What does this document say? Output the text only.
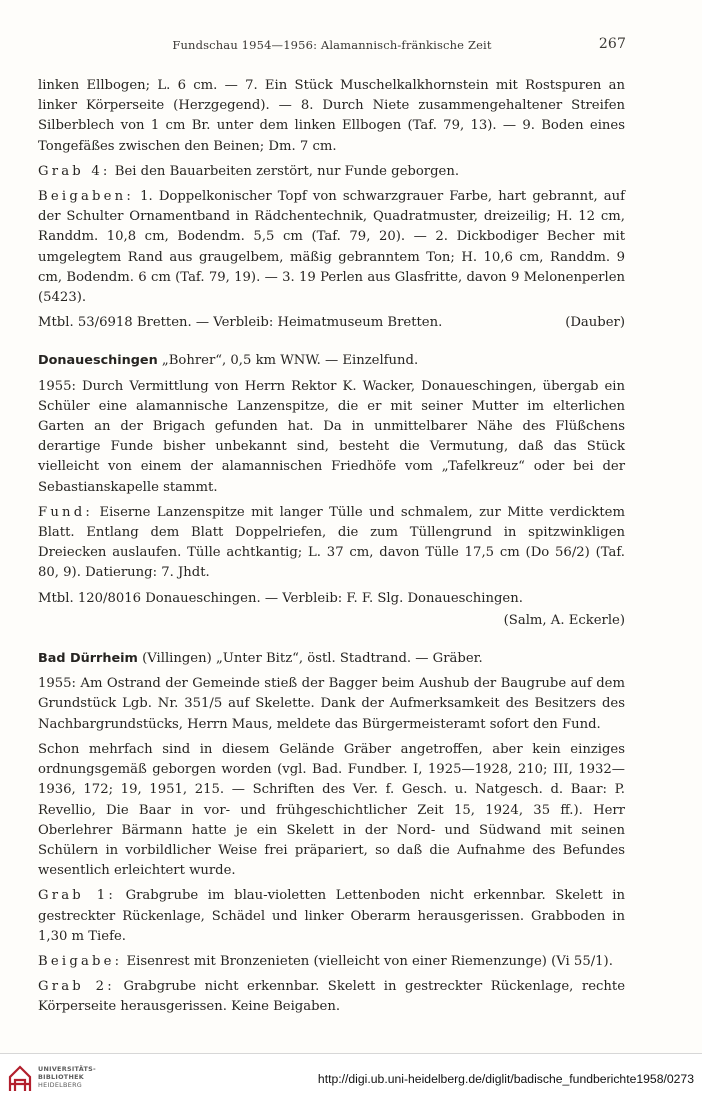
Fundschau 1954—1956: Alamannisch-fränkische Zeit	267

linken Ellbogen; L. 6 cm. — 7. Ein Stück Muschelkalkhornstein mit Rostspuren an linker Körperseite (Herzgegend). — 8. Durch Niete zusammengehaltener Streifen Silberblech von 1 cm Br. unter dem linken Ellbogen (Taf. 79, 13). — 9. Boden eines Tongefäßes zwischen den Beinen; Dm. 7 cm.

Grab 4: Bei den Bauarbeiten zerstört, nur Funde geborgen.

Beigaben: 1. Doppelkonischer Topf von schwarzgrauer Farbe, hart gebrannt, auf der Schulter Ornamentband in Rädchentechnik, Quadratmuster, dreizeilig; H. 12 cm, Randdm. 10,8 cm, Bodendm. 5,5 cm (Taf. 79, 20). — 2. Dickbodiger Becher mit umgelegtem Rand aus graugelbem, mäßig gebranntem Ton; H. 10,6 cm, Randdm. 9 cm, Bodendm. 6 cm (Taf. 79, 19). — 3. 19 Perlen aus Glasfritte, davon 9 Melonenperlen (5423).

Mtbl. 53/6918 Bretten. — Verbleib: Heimatmuseum Bretten.	(Dauber)

Donaueschingen „Bohrer“, 0,5 km WNW. — Einzelfund.

1955: Durch Vermittlung von Herrn Rektor K. Wacker, Donaueschingen, übergab ein Schüler eine alamannische Lanzenspitze, die er mit seiner Mutter im elterlichen Garten an der Brigach gefunden hat. Da in unmittelbarer Nähe des Flüßchens derartige Funde bisher unbekannt sind, besteht die Vermutung, daß das Stück vielleicht von einem der alamannischen Friedhöfe vom „Tafelkreuz“ oder bei der Sebastianskapelle stammt.

Fund: Eiserne Lanzenspitze mit langer Tülle und schmalem, zur Mitte verdicktem Blatt. Entlang dem Blatt Doppelriefen, die zum Tüllengrund in spitzwinkligen Dreiecken auslaufen. Tülle achtkantig; L. 37 cm, davon Tülle 17,5 cm (Do 56/2) (Taf. 80, 9). Datierung: 7. Jhdt.

Mtbl. 120/8016 Donaueschingen. — Verbleib: F. F. Slg. Donaueschingen.

(Salm, A. Eckerle)

Bad Dürrheim (Villingen) „Unter Bitz“, östl. Stadtrand. — Gräber.

1955: Am Ostrand der Gemeinde stieß der Bagger beim Aushub der Baugrube auf dem Grundstück Lgb. Nr. 351/5 auf Skelette. Dank der Aufmerksamkeit des Besitzers des Nachbargrundstücks, Herrn Maus, meldete das Bürgermeisteramt sofort den Fund.

Schon mehrfach sind in diesem Gelände Gräber angetroffen, aber kein einziges ordnungsgemäß geborgen worden (vgl. Bad. Fundber. I, 1925—1928, 210; III, 1932—1936, 172; 19, 1951, 215. — Schriften des Ver. f. Gesch. u. Natgesch. d. Baar: P. Revellio, Die Baar in vor- und frühgeschichtlicher Zeit 15, 1924, 35 ff.). Herr Oberlehrer Bärmann hatte je ein Skelett in der Nord- und Südwand mit seinen Schülern in vorbildlicher Weise frei präpariert, so daß die Aufnahme des Befundes wesentlich erleichtert wurde.

Grab 1: Grabgrube im blau-violetten Lettenboden nicht erkennbar. Skelett in gestreckter Rückenlage, Schädel und linker Oberarm herausgerissen. Grabboden in 1,30 m Tiefe.

Beigabe: Eisenrest mit Bronzenieten (vielleicht von einer Riemenzunge) (Vi 55/1).

Grab 2: Grabgrube nicht erkennbar. Skelett in gestreckter Rückenlage, rechte Körperseite herausgerissen. Keine Beigaben.

UNIVERSITÄTS-
BIBLIOTHEK
HEIDELBERG	http://digi.ub.uni-heidelberg.de/diglit/badische_fundberichte1958/0273
